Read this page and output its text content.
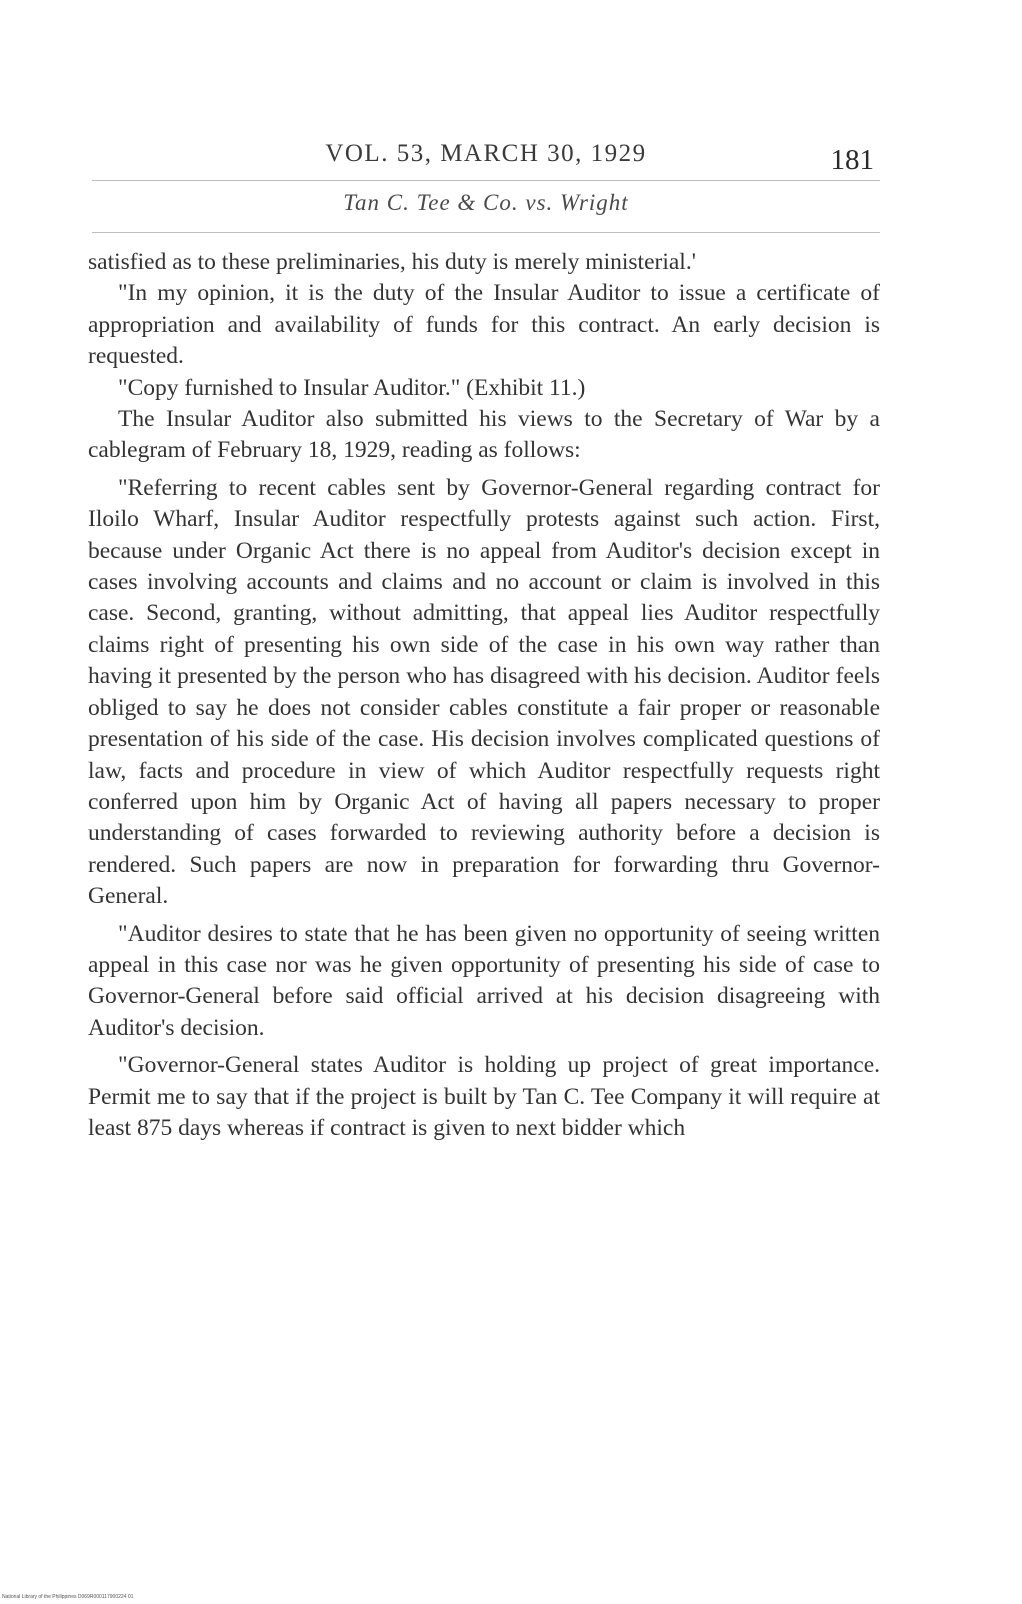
VOL. 53, MARCH 30, 1929	181
Tan C. Tee & Co. vs. Wright

satisfied as to these preliminaries, his duty is merely ministerial.'

"In my opinion, it is the duty of the Insular Auditor to issue a certificate of appropriation and availability of funds for this contract. An early decision is requested.

"Copy furnished to Insular Auditor." (Exhibit 11.)

The Insular Auditor also submitted his views to the Secretary of War by a cablegram of February 18, 1929, reading as follows:

"Referring to recent cables sent by Governor-General regarding contract for Iloilo Wharf, Insular Auditor respectfully protests against such action. First, because under Organic Act there is no appeal from Auditor's decision except in cases involving accounts and claims and no account or claim is involved in this case. Second, granting, without admitting, that appeal lies Auditor respectfully claims right of presenting his own side of the case in his own way rather than having it presented by the person who has disagreed with his decision. Auditor feels obliged to say he does not consider cables constitute a fair proper or reasonable presentation of his side of the case. His decision involves complicated questions of law, facts and procedure in view of which Auditor respectfully requests right conferred upon him by Organic Act of having all papers necessary to proper understanding of cases forwarded to reviewing authority before a decision is rendered. Such papers are now in preparation for forwarding thru Governor-General.

"Auditor desires to state that he has been given no opportunity of seeing written appeal in this case nor was he given opportunity of presenting his side of case to Governor-General before said official arrived at his decision disagreeing with Auditor's decision.

"Governor-General states Auditor is holding up project of great importance. Permit me to say that if the project is built by Tan C. Tee Company it will require at least 875 days whereas if contract is given to next bidder which

National Library of the Philippines D069R000117900224 01
